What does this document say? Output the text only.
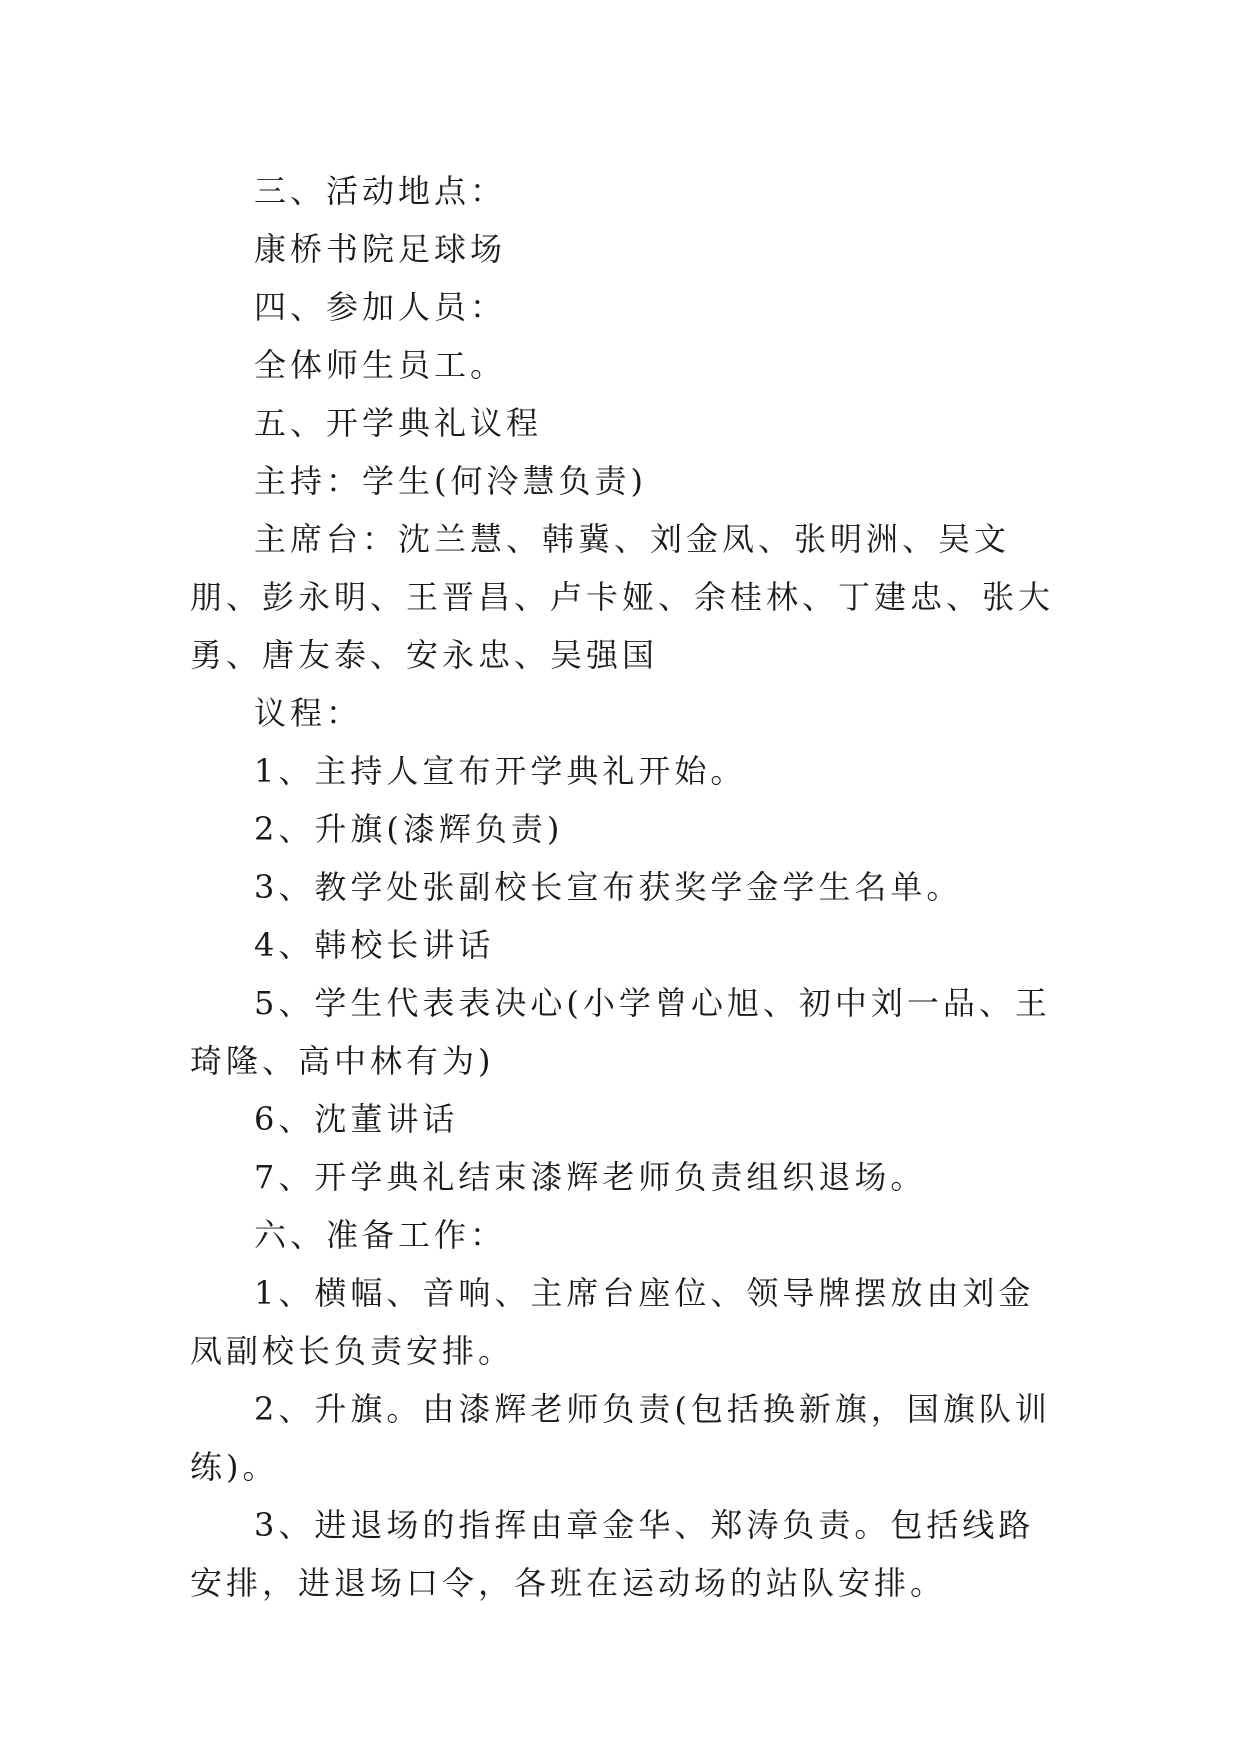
三、活动地点：

康桥书院足球场

四、参加人员：

全体师生员工。

五、开学典礼议程

主持：学生(何泠慧负责)

主席台：沈兰慧、韩冀、刘金凤、张明洲、吴文朋、彭永明、王晋昌、卢卡娅、余桂林、丁建忠、张大勇、唐友泰、安永忠、吴强国

议程：

1、主持人宣布开学典礼开始。

2、升旗(漆辉负责)

3、教学处张副校长宣布获奖学金学生名单。

4、韩校长讲话

5、学生代表表决心(小学曾心旭、初中刘一品、王琦隆、高中林有为)

6、沈董讲话

7、开学典礼结束漆辉老师负责组织退场。

六、准备工作：

1、横幅、音响、主席台座位、领导牌摆放由刘金凤副校长负责安排。

2、升旗。由漆辉老师负责(包括换新旗，国旗队训练)。

3、进退场的指挥由章金华、郑涛负责。包括线路安排，进退场口令，各班在运动场的站队安排。
